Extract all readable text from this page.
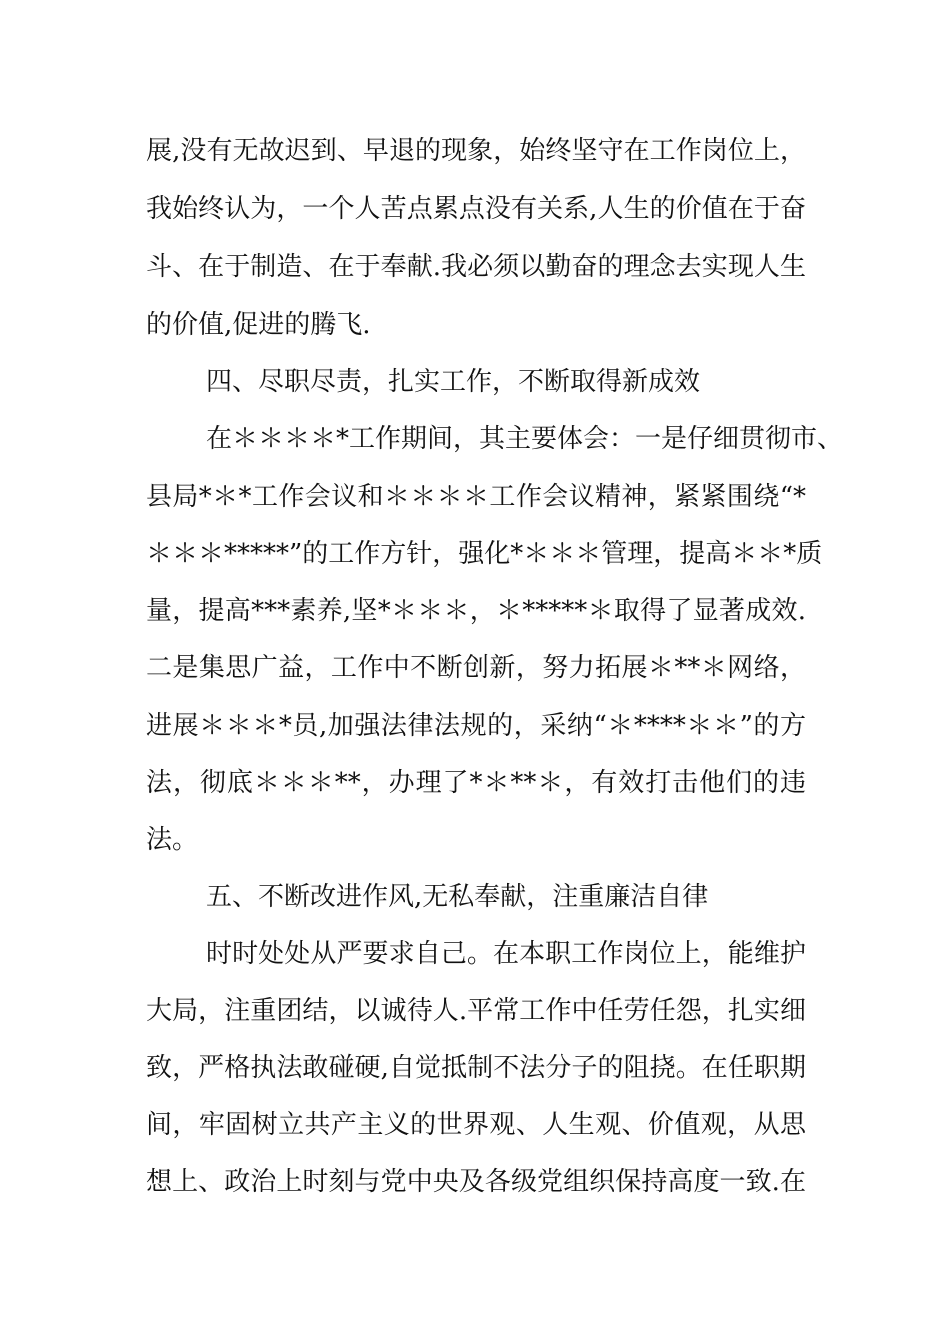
展,没有无故迟到、早退的现象，始终坚守在工作岗位上，
我始终认为，一个人苦点累点没有关系,人生的价值在于奋
斗、在于制造、在于奉献.我必须以勤奋的理念去实现人生
的价值,促进的腾飞.
四、尽职尽责，扎实工作，不断取得新成效
在＊＊＊＊*工作期间，其主要体会：一是仔细贯彻市、
县局*＊*工作会议和＊＊＊＊工作会议精神，紧紧围绕“*
＊＊＊*****”的工作方针，强化*＊＊＊管理，提高＊＊*质
量，提高***素养,坚*＊＊＊，＊*****＊取得了显著成效.
二是集思广益，工作中不断创新，努力拓展＊**＊网络，
进展＊＊＊*员,加强法律法规的，采纳“＊****＊＊”的方
法，彻底＊＊＊**，办理了*＊**＊，有效打击他们的违
法。
五、不断改进作风,无私奉献，注重廉洁自律
时时处处从严要求自己。在本职工作岗位上，能维护
大局，注重团结，以诚待人.平常工作中任劳任怨，扎实细
致，严格执法敢碰硬,自觉抵制不法分子的阻挠。在任职期
间，牢固树立共产主义的世界观、人生观、价值观，从思
想上、政治上时刻与党中央及各级党组织保持高度一致.在
